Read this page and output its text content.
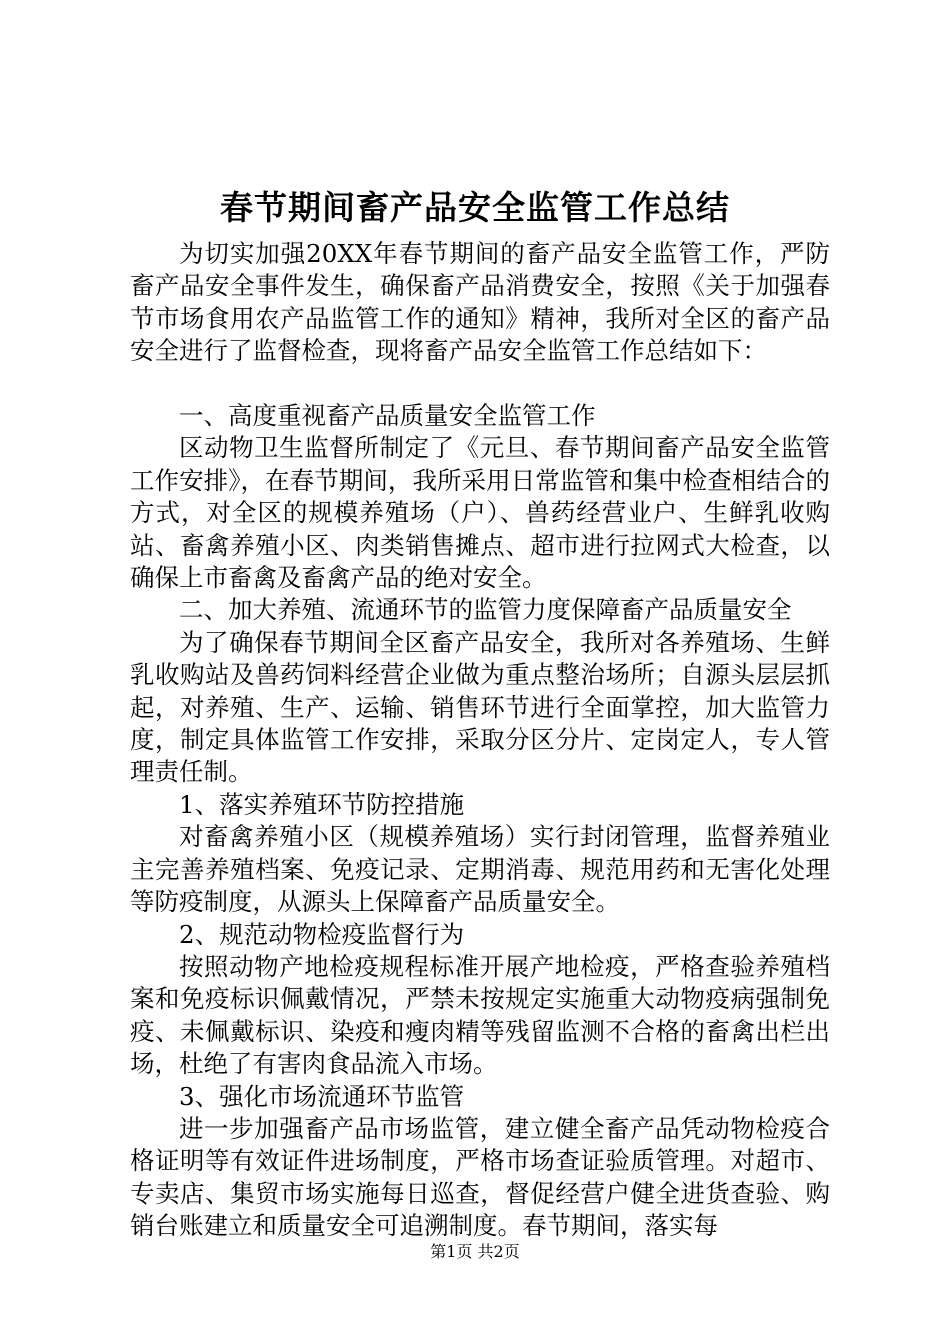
春节期间畜产品安全监管工作总结

为切实加强20XX年春节期间的畜产品安全监管工作，严防畜产品安全事件发生，确保畜产品消费安全，按照《关于加强春节市场食用农产品监管工作的通知》精神，我所对全区的畜产品安全进行了监督检查，现将畜产品安全监管工作总结如下：

一、高度重视畜产品质量安全监管工作

区动物卫生监督所制定了《元旦、春节期间畜产品安全监管工作安排》，在春节期间，我所采用日常监管和集中检查相结合的方式，对全区的规模养殖场（户）、兽药经营业户、生鲜乳收购站、畜禽养殖小区、肉类销售摊点、超市进行拉网式大检查，以确保上市畜禽及畜禽产品的绝对安全。

二、加大养殖、流通环节的监管力度保障畜产品质量安全

为了确保春节期间全区畜产品安全，我所对各养殖场、生鲜乳收购站及兽药饲料经营企业做为重点整治场所；自源头层层抓起，对养殖、生产、运输、销售环节进行全面掌控，加大监管力度，制定具体监管工作安排，采取分区分片、定岗定人，专人管理责任制。

1、落实养殖环节防控措施

对畜禽养殖小区（规模养殖场）实行封闭管理，监督养殖业主完善养殖档案、免疫记录、定期消毒、规范用药和无害化处理等防疫制度，从源头上保障畜产品质量安全。

2、规范动物检疫监督行为

按照动物产地检疫规程标准开展产地检疫，严格查验养殖档案和免疫标识佩戴情况，严禁未按规定实施重大动物疫病强制免疫、未佩戴标识、染疫和瘦肉精等残留监测不合格的畜禽出栏出场，杜绝了有害肉食品流入市场。

3、强化市场流通环节监管

进一步加强畜产品市场监管，建立健全畜产品凭动物检疫合格证明等有效证件进场制度，严格市场查证验质管理。对超市、专卖店、集贸市场实施每日巡查，督促经营户健全进货查验、购销台账建立和质量安全可追溯制度。春节期间，落实每

第1页 共2页
